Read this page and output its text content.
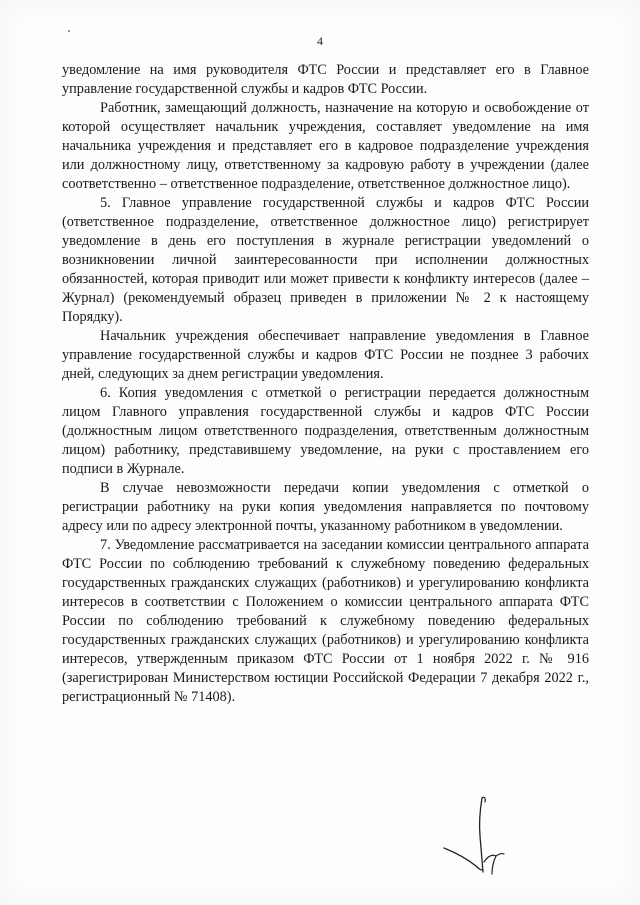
4

уведомление на имя руководителя ФТС России и представляет его в Главное управление государственной службы и кадров ФТС России.

Работник, замещающий должность, назначение на которую и освобождение от которой осуществляет начальник учреждения, составляет уведомление на имя начальника учреждения и представляет его в кадровое подразделение учреждения или должностному лицу, ответственному за кадровую работу в учреждении (далее соответственно – ответственное подразделение, ответственное должностное лицо).

5. Главное управление государственной службы и кадров ФТС России (ответственное подразделение, ответственное должностное лицо) регистрирует уведомление в день его поступления в журнале регистрации уведомлений о возникновении личной заинтересованности при исполнении должностных обязанностей, которая приводит или может привести к конфликту интересов (далее – Журнал) (рекомендуемый образец приведен в приложении № 2 к настоящему Порядку).

Начальник учреждения обеспечивает направление уведомления в Главное управление государственной службы и кадров ФТС России не позднее 3 рабочих дней, следующих за днем регистрации уведомления.

6. Копия уведомления с отметкой о регистрации передается должностным лицом Главного управления государственной службы и кадров ФТС России (должностным лицом ответственного подразделения, ответственным должностным лицом) работнику, представившему уведомление, на руки с проставлением его подписи в Журнале.

В случае невозможности передачи копии уведомления с отметкой о регистрации работнику на руки копия уведомления направляется по почтовому адресу или по адресу электронной почты, указанному работником в уведомлении.

7. Уведомление рассматривается на заседании комиссии центрального аппарата ФТС России по соблюдению требований к служебному поведению федеральных государственных гражданских служащих (работников) и урегулированию конфликта интересов в соответствии с Положением о комиссии центрального аппарата ФТС России по соблюдению требований к служебному поведению федеральных государственных гражданских служащих (работников) и урегулированию конфликта интересов, утвержденным приказом ФТС России от 1 ноября 2022 г. № 916 (зарегистрирован Министерством юстиции Российской Федерации 7 декабря 2022 г., регистрационный № 71408).
